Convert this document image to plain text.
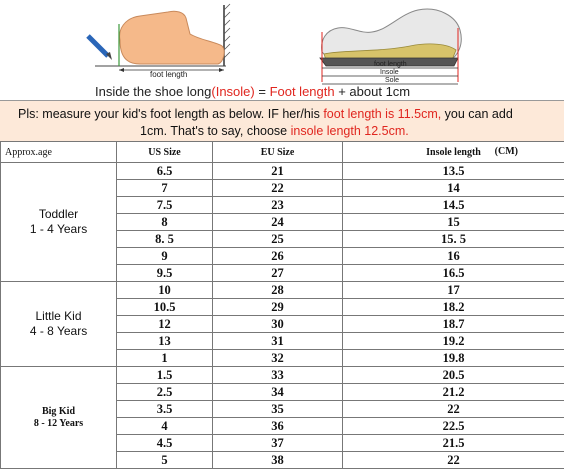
foot length
foot length
Insole
Sole
Inside the shoe long(Insole) = Foot length + about 1cm
Pls: measure your kid's foot length as below. IF her/his foot length is 11.5cm, you can add
1cm. That's to say, choose insole length 12.5cm.
Approx.age	US Size	EU Size	Insole length (CM)

Toddler
1 - 4 Years	6.5	21	13.5
	7	22	14
	7.5	23	14.5
	8	24	15
	8. 5	25	15. 5
	9	26	16
	9.5	27	16.5

Little Kid
4 - 8 Years	10	28	17
	10.5	29	18.2
	12	30	18.7
	13	31	19.2
	1	32	19.8

Big Kid
8 - 12 Years	1.5	33	20.5
	2.5	34	21.2
	3.5	35	22
	4	36	22.5
	4.5	37	21.5
	5	38	22
